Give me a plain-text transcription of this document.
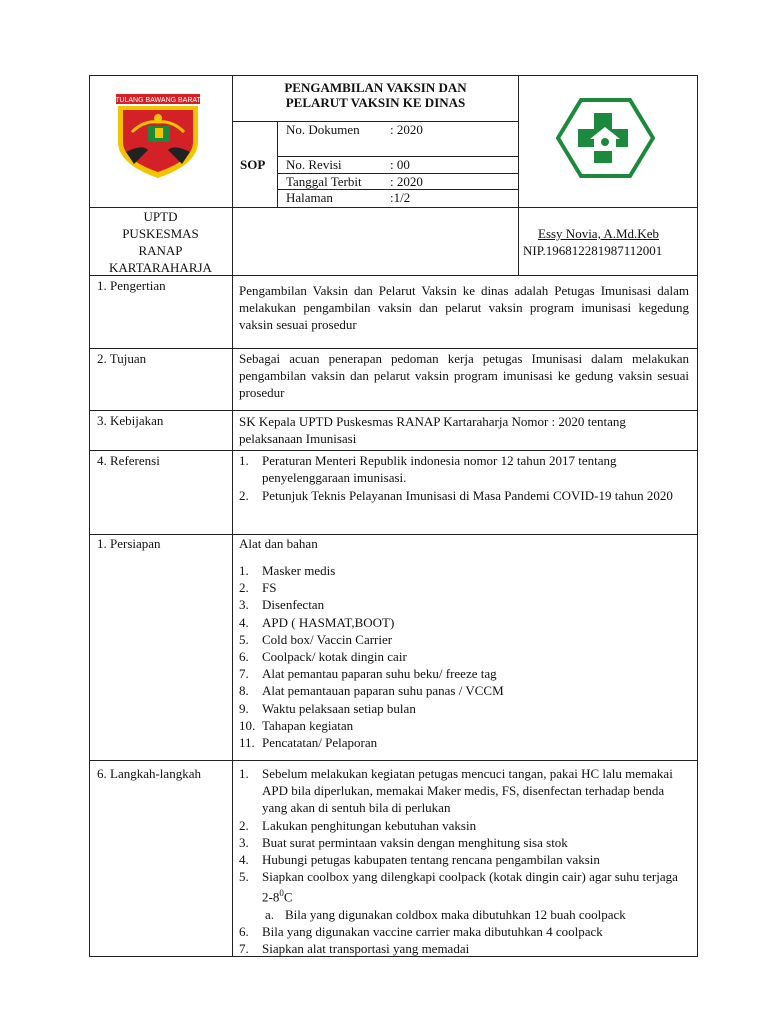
TULANG BAWANG BARAT
PENGAMBILAN VAKSIN DAN
PELARUT VAKSIN KE DINAS
SOP
No. Dokumen : 2020
No. Revisi	: 00
Tanggal Terbit : 2020
Halaman	:1/2
UPTD
PUSKESMAS
RANAP
KARTARAHARJA
Essy Novia, A.Md.Keb
NIP.196812281987112001
1. Pengertian
2. Tujuan
3. Kebijakan
4. Referensi
1. Persiapan
6. Langkah-langkah
Pengambilan Vaksin dan Pelarut Vaksin ke dinas adalah Petugas Imunisasi dalam melakukan pengambilan vaksin dan pelarut vaksin program imunisasi kegedung vaksin sesuai prosedur
Sebagai acuan penerapan pedoman kerja petugas Imunisasi dalam melakukan pengambilan vaksin dan pelarut vaksin program imunisasi ke gedung vaksin sesuai prosedur
SK Kepala UPTD Puskesmas RANAP Kartaraharja Nomor : 2020 tentang pelaksanaan Imunisasi
1. Peraturan Menteri Republik indonesia nomor 12 tahun 2017 tentang penyelenggaraan imunisasi.
2. Petunjuk Teknis Pelayanan Imunisasi di Masa Pandemi COVID-19 tahun 2020
Alat dan bahan
1. Masker medis
2. FS
3. Disenfectan
4. APD ( HASMAT,BOOT)
5. Cold box/ Vaccin Carrier
6. Coolpack/ kotak dingin cair
7. Alat pemantau paparan suhu beku/ freeze tag
8. Alat pemantauan paparan suhu panas / VCCM
9. Waktu pelaksaan setiap bulan
10. Tahapan kegiatan
11. Pencatatan/ Pelaporan
1. Sebelum melakukan kegiatan petugas mencuci tangan, pakai HC lalu memakai APD bila diperlukan, memakai Maker medis, FS, disenfectan terhadap benda yang akan di sentuh bila di perlukan
2. Lakukan penghitungan kebutuhan vaksin
3. Buat surat permintaan vaksin dengan menghitung sisa stok
4. Hubungi petugas kabupaten tentang rencana pengambilan vaksin
5. Siapkan coolbox yang dilengkapi coolpack (kotak dingin cair) agar suhu terjaga $2-8^0C$
a. Bila yang digunakan coldbox maka dibutuhkan 12 buah coolpack
6. Bila yang digunakan vaccine carrier maka dibutuhkan 4 coolpack
7. Siapkan alat transportasi yang memadai
